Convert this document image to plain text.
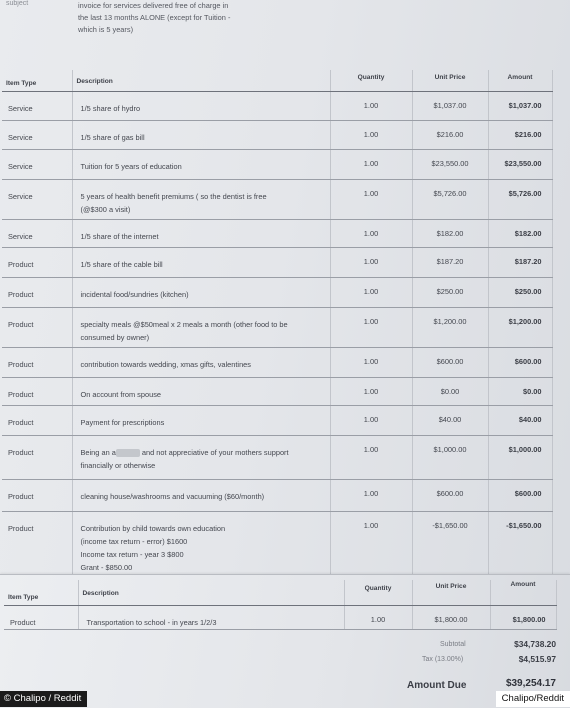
subject	invoice for services delivered free of charge in
the last 13 months ALONE (except for Tuition -
which is 5 years)
Item Type	Description	Quantity	Unit Price	Amount
Service	1/5 share of hydro	1.00	$1,037.00	$1,037.00
Service	1/5 share of gas bill	1.00	$216.00	$216.00
Service	Tuition for 5 years of education	1.00	$23,550.00	$23,550.00
Service	5 years of health benefit premiums ( so the dentist is free
(@$300 a visit)	1.00	$5,726.00	$5,726.00
Service	1/5 share of the internet	1.00	$182.00	$182.00
Product	1/5 share of the cable bill	1.00	$187.20	$187.20
Product	incidental food/sundries (kitchen)	1.00	$250.00	$250.00
Product	specialty meals @$50meal x 2 meals a month (other food to be
consumed by owner)	1.00	$1,200.00	$1,200.00
Product	contribution towards wedding, xmas gifts, valentines	1.00	$600.00	$600.00
Product	On account from spouse	1.00	$0.00	$0.00
Product	Payment for prescriptions	1.00	$40.00	$40.00
Product	Being an a and not appreciative of your mothers support
financially or otherwise	1.00	$1,000.00	$1,000.00
Product	cleaning house/washrooms and vacuuming ($60/month)	1.00	$600.00	$600.00
Product	Contribution by child towards own education
(income tax return - error) $1600
Income tax return - year 3 $800
Grant - $850.00	1.00	-$1,650.00	-$1,650.00
Item Type	Description	Quantity	Unit Price	Amount
Product	Transportation to school - in years 1/2/3	1.00	$1,800.00	$1,800.00
Subtotal	$34,738.20
Tax (13.00%)	$4,515.97
Amount Due	$39,254.17
© Chalipo / Reddit	Chalipo/Reddit
